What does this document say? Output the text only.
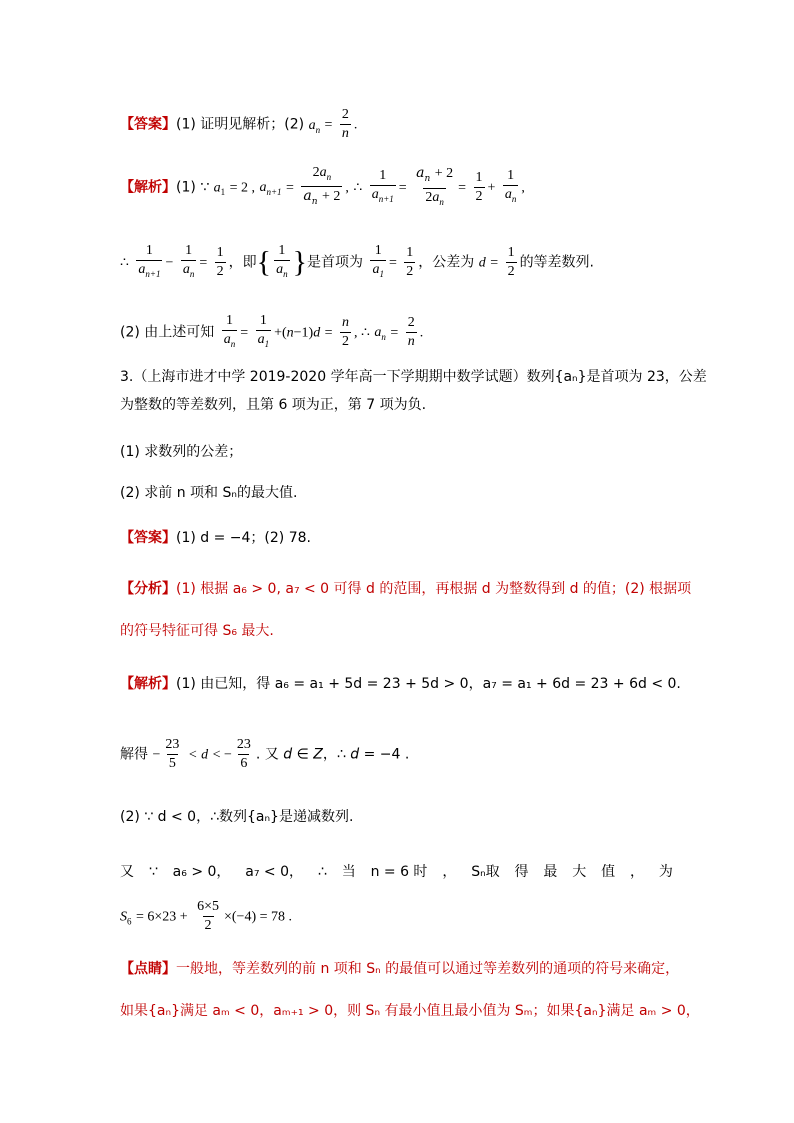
【答案】(1) 证明见解析；(2) $a_n = \frac{2}{n}$ .
【解析】(1) ∵ $a_1 = 2$ , $a_{n+1} = \frac{2a_n}{a_n + 2}$ , ∴ $\frac{1}{a_{n+1}} = \frac{a_n + 2}{2a_n} = \frac{1}{2} + \frac{1}{a_n}$ ,
∴ $\frac{1}{a_{n+1}} - \frac{1}{a_n} = \frac{1}{2}$ ，即{ $\frac{1}{a_n}$ }是首项为 $\frac{1}{a_1} = \frac{1}{2}$ ，公差为 $d = \frac{1}{2}$ 的等差数列.
(2) 由上述可知 $\frac{1}{a_n} = \frac{1}{a_1} +(n-1)d = \frac{n}{2}$ , ∴ $a_n = \frac{2}{n}$ .
3.（上海市进才中学 2019-2020 学年高一下学期期中数学试题）数列{aₙ}是首项为 23，公差
为整数的等差数列，且第 6 项为正，第 7 项为负.
(1) 求数列的公差；
(2) 求前 n 项和 Sₙ的最大值.
【答案】(1) d = −4；(2) 78.
【分析】(1) 根据 a₆ > 0, a₇ < 0 可得 d 的范围，再根据 d 为整数得到 d 的值；(2) 根据项
的符号特征可得 S₆ 最大.
【解析】(1) 由已知，得 a₆ = a₁ + 5d = 23 + 5d > 0，a₇ = a₁ + 6d = 23 + 6d < 0.
解得 − $\frac{23}{5} < d$ < − $\frac{23}{6}$ . 又 d ∈ Z，∴ d = −4 .
(2) ∵ d < 0，∴数列{aₙ}是递减数列.
又 ∵ a₆ > 0， a₇ < 0， ∴ 当 n = 6 时 ， Sₙ取 得 最 大 值 ， 为
$S_6 = 6\times 23 + \frac{6\times 5}{2} \times(-4) = 78$ .
【点睛】一般地，等差数列的前 n 项和 Sₙ 的最值可以通过等差数列的通项的符号来确定，
如果{aₙ}满足 aₘ < 0，aₘ₊₁ > 0，则 Sₙ 有最小值且最小值为 Sₘ；如果{aₙ}满足 aₘ > 0，
